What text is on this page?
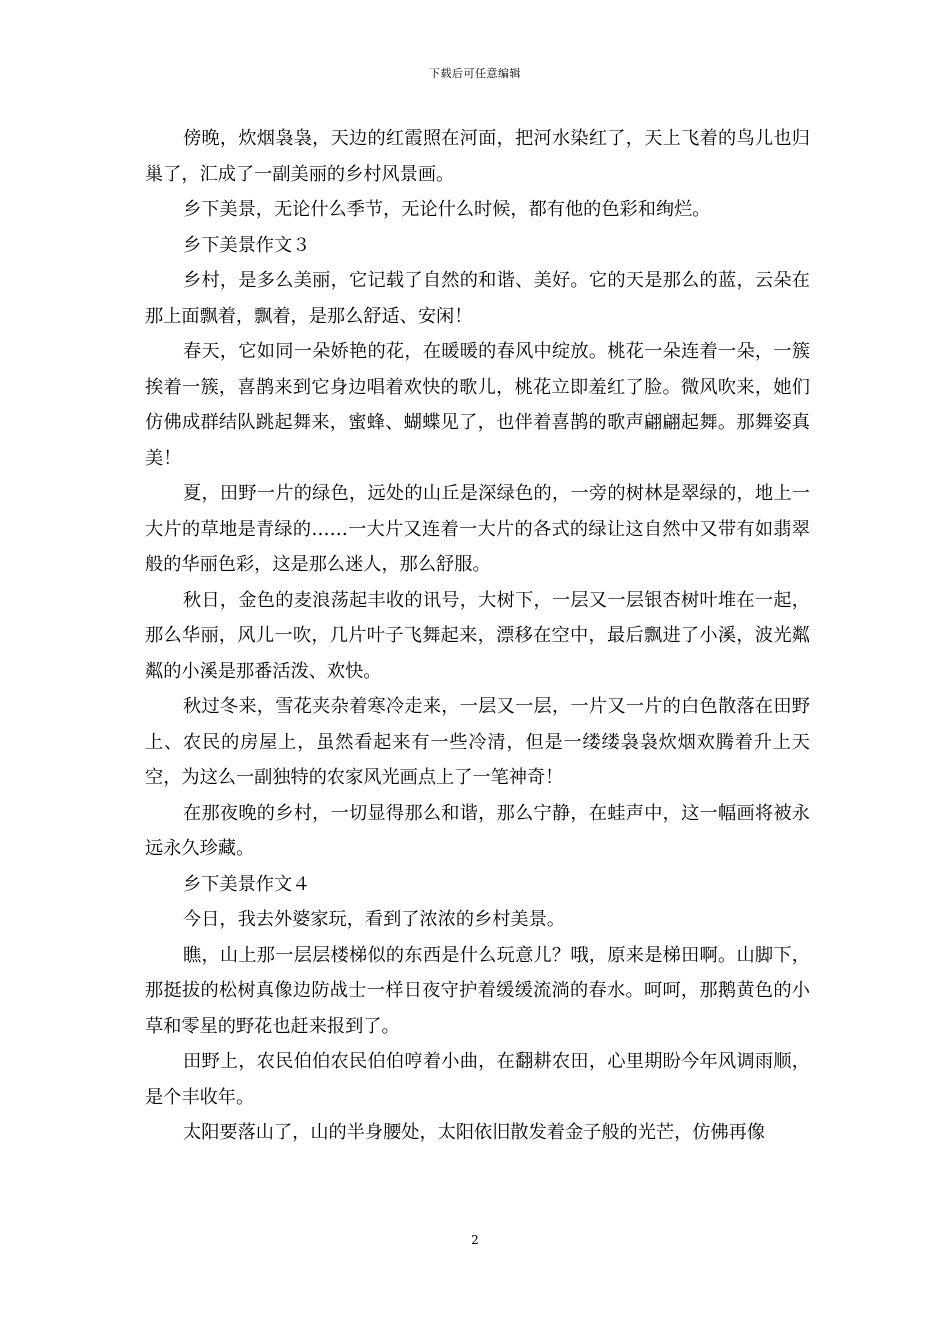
下载后可任意编辑

傍晚，炊烟袅袅，天边的红霞照在河面，把河水染红了，天上飞着的鸟儿也归巢了，汇成了一副美丽的乡村风景画。

乡下美景，无论什么季节，无论什么时候，都有他的色彩和绚烂。

乡下美景作文３

乡村，是多么美丽，它记载了自然的和谐、美好。它的天是那么的蓝，云朵在那上面飘着，飘着，是那么舒适、安闲！

春天，它如同一朵娇艳的花，在暖暖的春风中绽放。桃花一朵连着一朵，一簇挨着一簇，喜鹊来到它身边唱着欢快的歌儿，桃花立即羞红了脸。微风吹来，她们仿佛成群结队跳起舞来，蜜蜂、蝴蝶见了，也伴着喜鹊的歌声翩翩起舞。那舞姿真美！

夏，田野一片的绿色，远处的山丘是深绿色的，一旁的树林是翠绿的，地上一大片的草地是青绿的……一大片又连着一大片的各式的绿让这自然中又带有如翡翠般的华丽色彩，这是那么迷人，那么舒服。

秋日，金色的麦浪荡起丰收的讯号，大树下，一层又一层银杏树叶堆在一起，那么华丽，风儿一吹，几片叶子飞舞起来，漂移在空中，最后飘进了小溪，波光粼粼的小溪是那番活泼、欢快。

秋过冬来，雪花夹杂着寒冷走来，一层又一层，一片又一片的白色散落在田野上、农民的房屋上，虽然看起来有一些冷清，但是一缕缕袅袅炊烟欢腾着升上天空，为这么一副独特的农家风光画点上了一笔神奇！

在那夜晚的乡村，一切显得那么和谐，那么宁静，在蛙声中，这一幅画将被永远永久珍藏。

乡下美景作文４

今日，我去外婆家玩，看到了浓浓的乡村美景。

瞧，山上那一层层楼梯似的东西是什么玩意儿？哦，原来是梯田啊。山脚下，那挺拔的松树真像边防战士一样日夜守护着缓缓流淌的春水。呵呵，那鹅黄色的小草和零星的野花也赶来报到了。

田野上，农民伯伯农民伯伯哼着小曲，在翻耕农田，心里期盼今年风调雨顺，是个丰收年。

太阳要落山了，山的半身腰处，太阳依旧散发着金子般的光芒，仿佛再像

2
